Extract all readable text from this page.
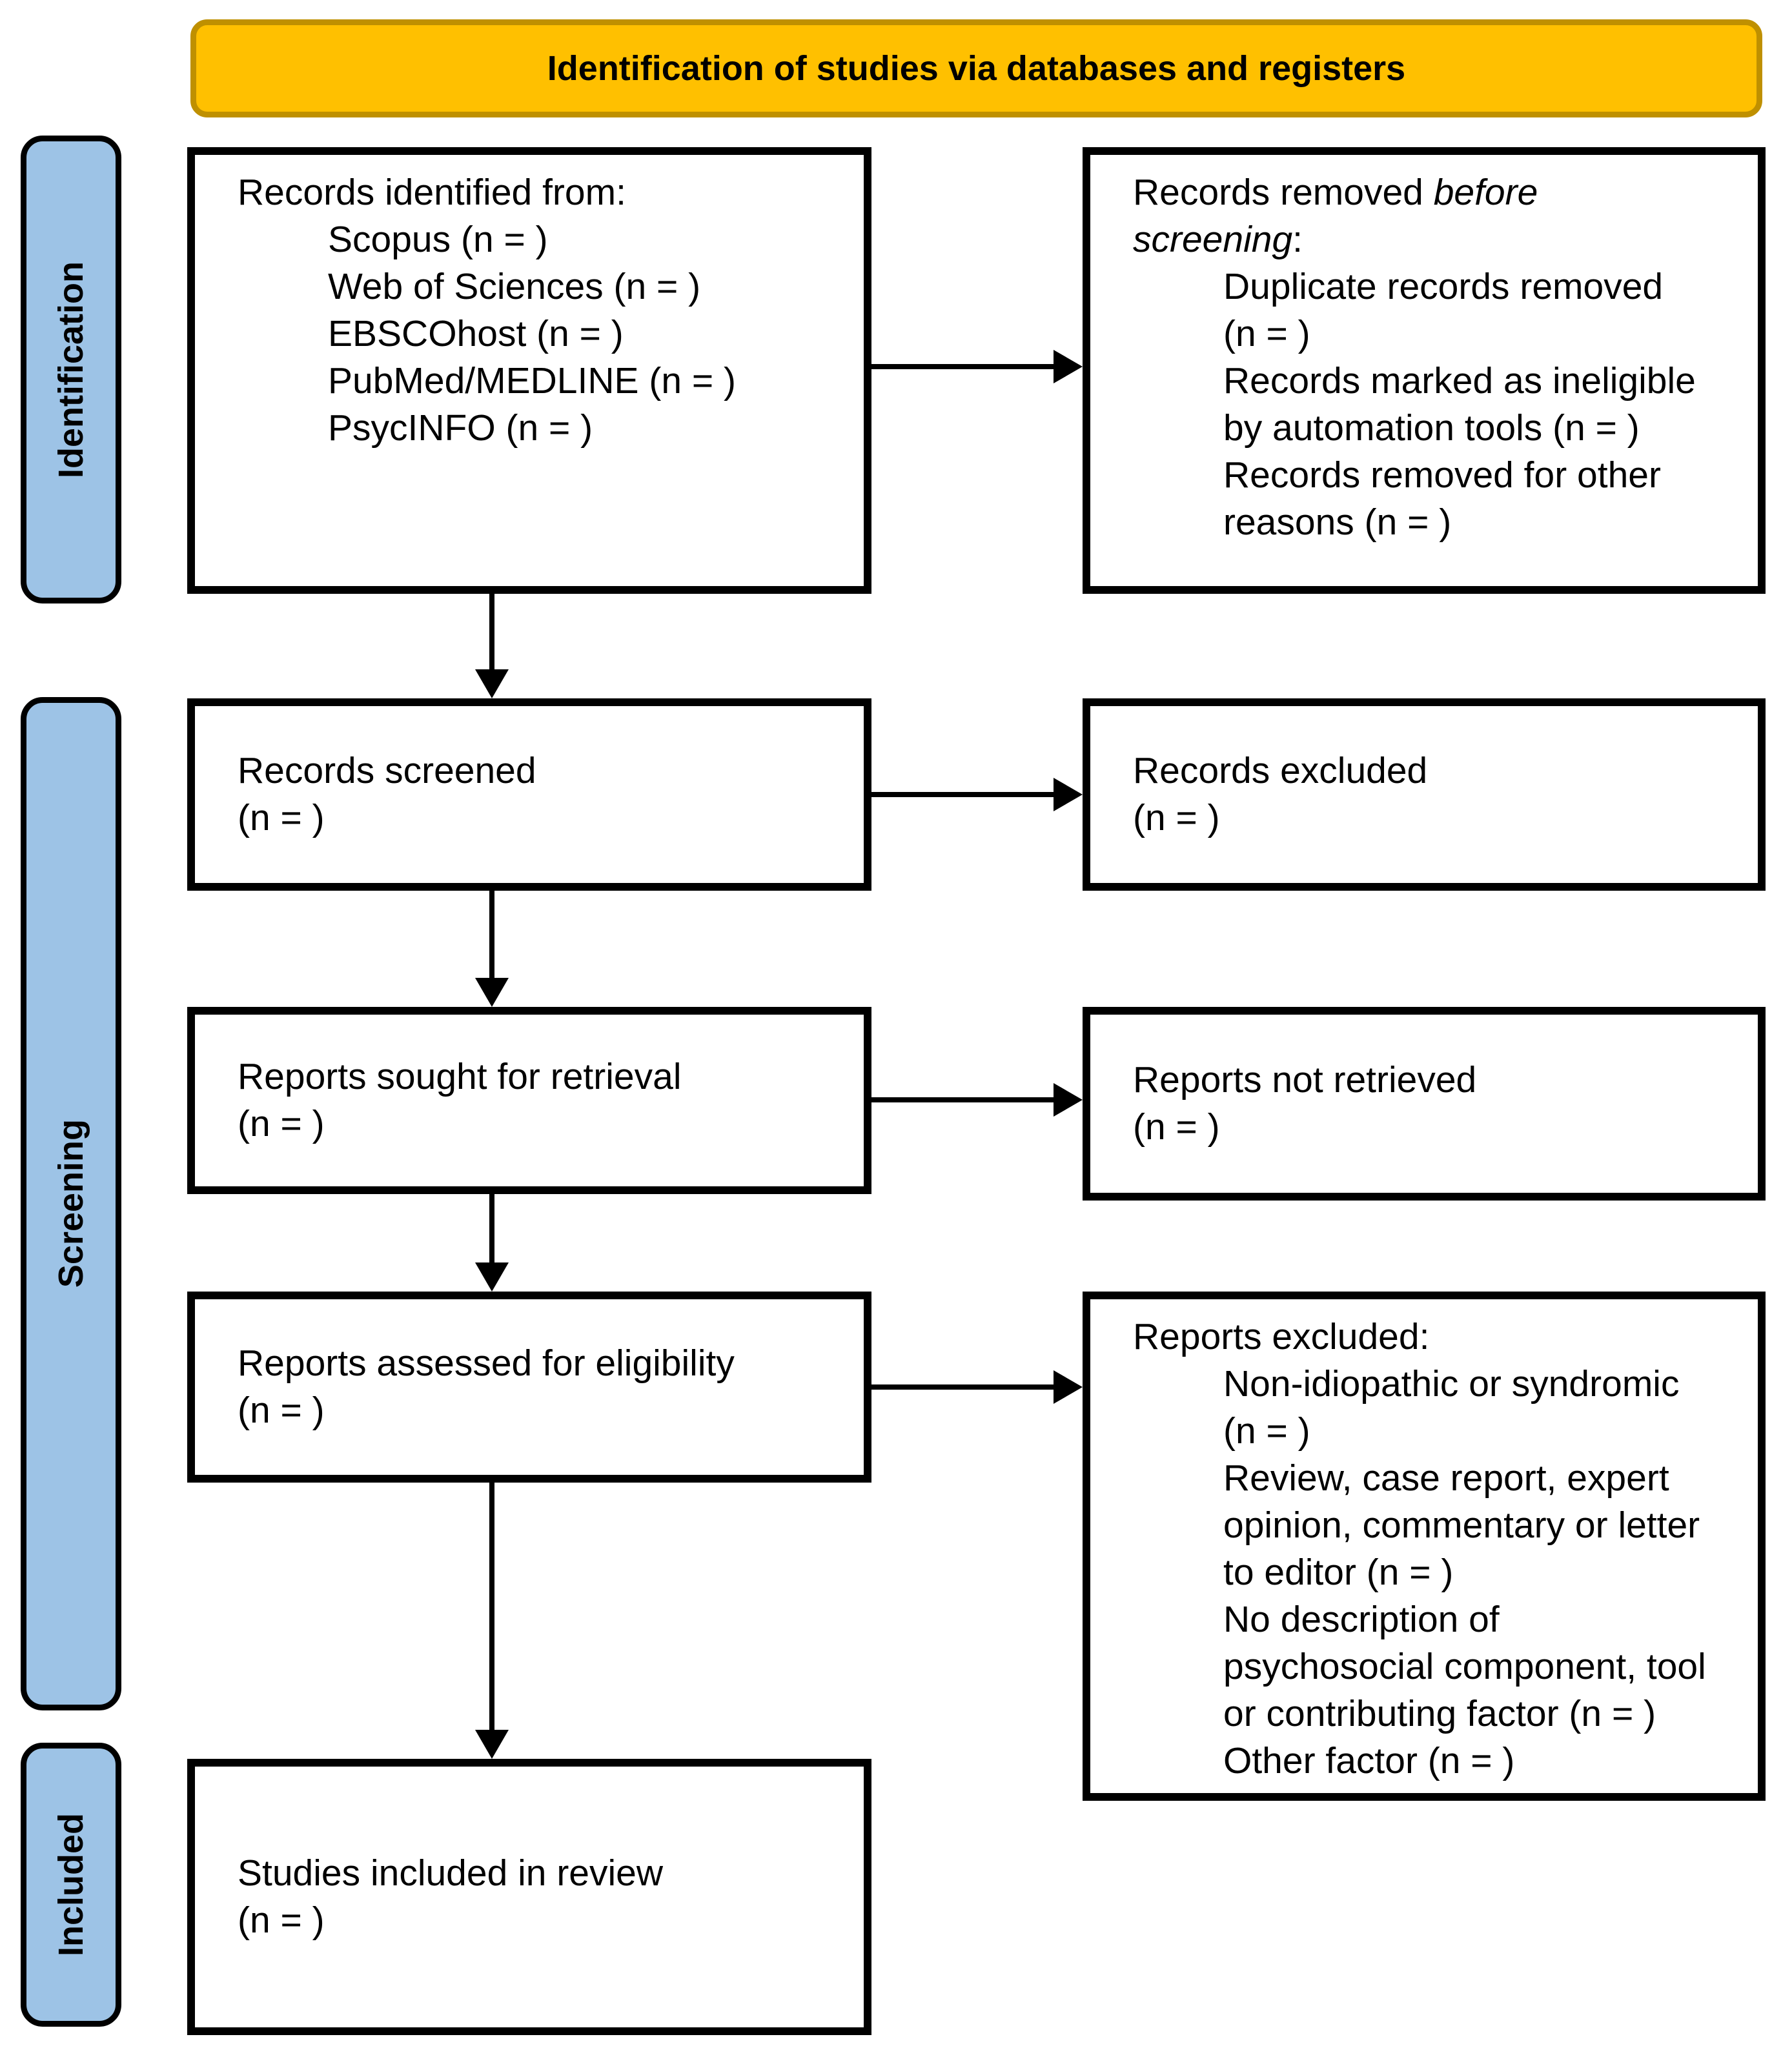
Identification of studies via databases and registers
Identification
Screening
Included
Records identified from:
Scopus (n = )
Web of Sciences (n = )
EBSCOhost (n = )
PubMed/MEDLINE (n = )
PsycINFO (n = )
Records removed before
screening:
Duplicate records removed
(n = )
Records marked as ineligible
by automation tools (n = )
Records removed for other
reasons (n = )
Records screened
(n = )
Records excluded
(n = )
Reports sought for retrieval
(n = )
Reports not retrieved
(n = )
Reports assessed for eligibility
(n = )
Reports excluded:
Non-idiopathic or syndromic
(n = )
Review, case report, expert
opinion, commentary or letter
to editor (n = )
No description of
psychosocial component, tool
or contributing factor (n = )
Other factor (n = )
Studies included in review
(n = )
